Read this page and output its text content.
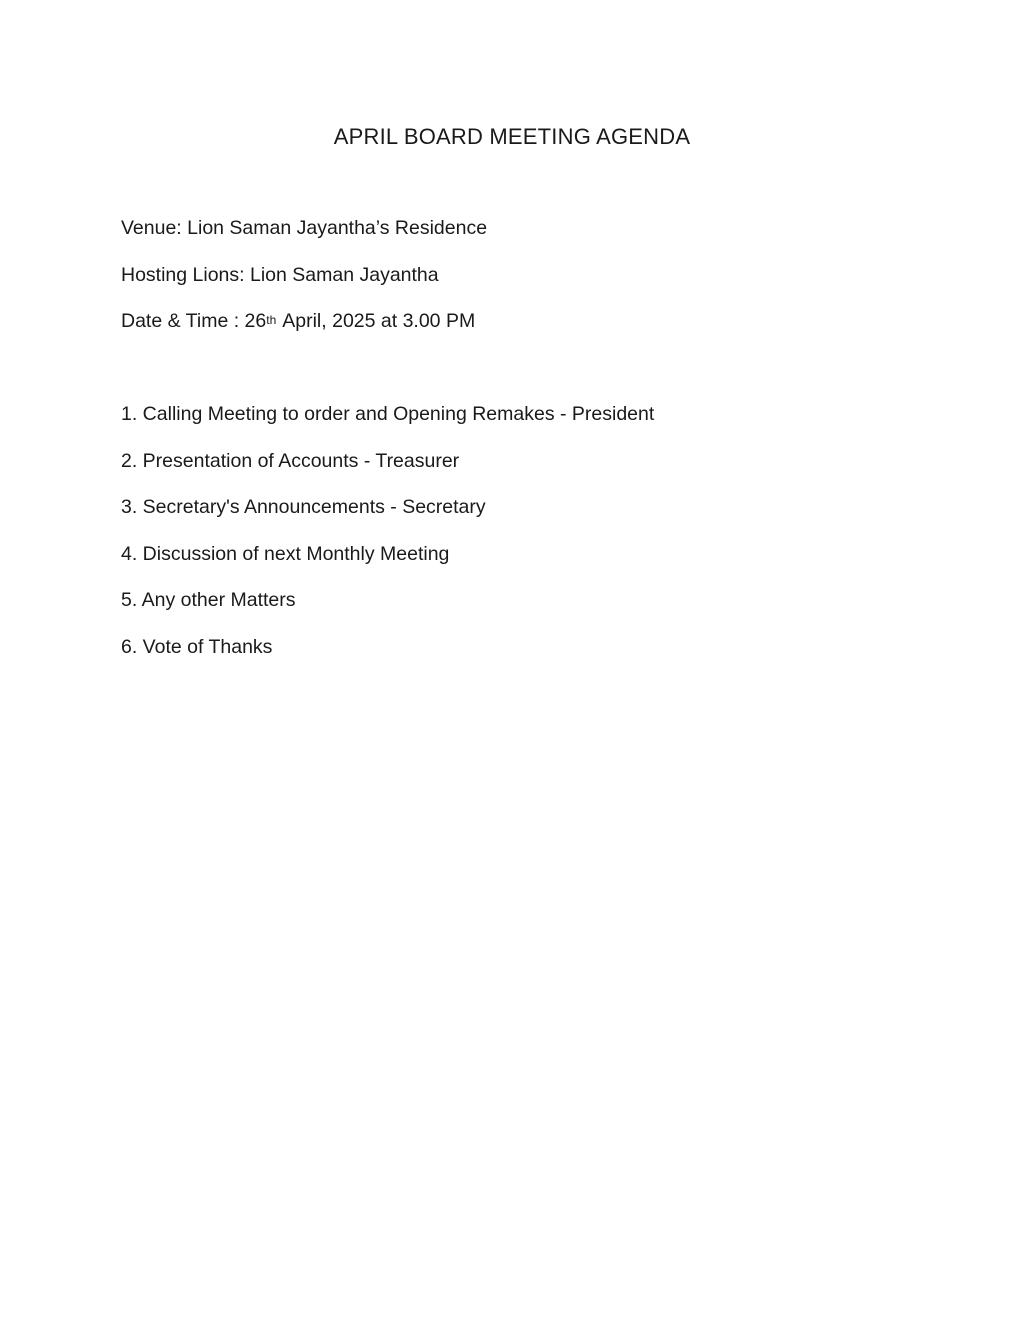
APRIL BOARD MEETING AGENDA
Venue: Lion Saman Jayantha’s Residence
Hosting Lions: Lion Saman Jayantha
Date & Time : 26th April, 2025 at 3.00 PM
1. Calling Meeting to order and Opening Remakes - President
2. Presentation of Accounts - Treasurer
3. Secretary's Announcements - Secretary
4. Discussion of next Monthly Meeting
5. Any other Matters
6. Vote of Thanks
